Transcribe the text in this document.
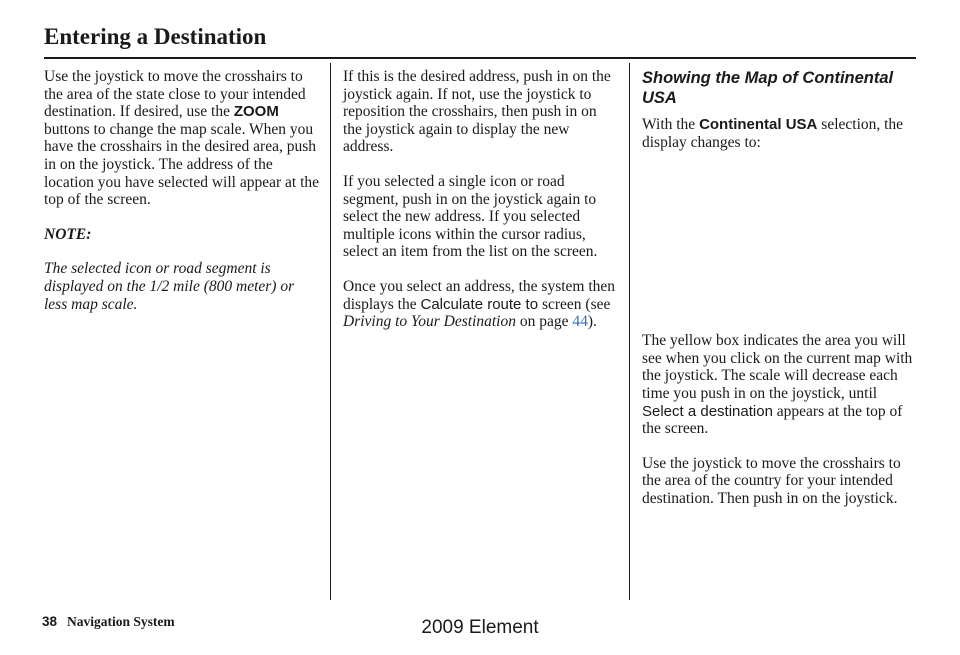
Entering a Destination

Use the joystick to move the crosshairs to the area of the state close to your intended destination. If desired, use the ZOOM buttons to change the map scale. When you have the crosshairs in the desired area, push in on the joystick. The address of the location you have selected will appear at the top of the screen.

NOTE:

The selected icon or road segment is displayed on the 1/2 mile (800 meter) or less map scale.

If this is the desired address, push in on the joystick again. If not, use the joystick to reposition the crosshairs, then push in on the joystick again to display the new address.

If you selected a single icon or road segment, push in on the joystick again to select the new address. If you selected multiple icons within the cursor radius, select an item from the list on the screen.

Once you select an address, the system then displays the Calculate route to screen (see Driving to Your Destination on page 44).

Showing the Map of Continental USA

With the Continental USA selection, the display changes to:

The yellow box indicates the area you will see when you click on the current map with the joystick. The scale will decrease each time you push in on the joystick, until Select a destination appears at the top of the screen.

Use the joystick to move the crosshairs to the area of the country for your intended destination. Then push in on the joystick.

38 Navigation System	2009 Element
